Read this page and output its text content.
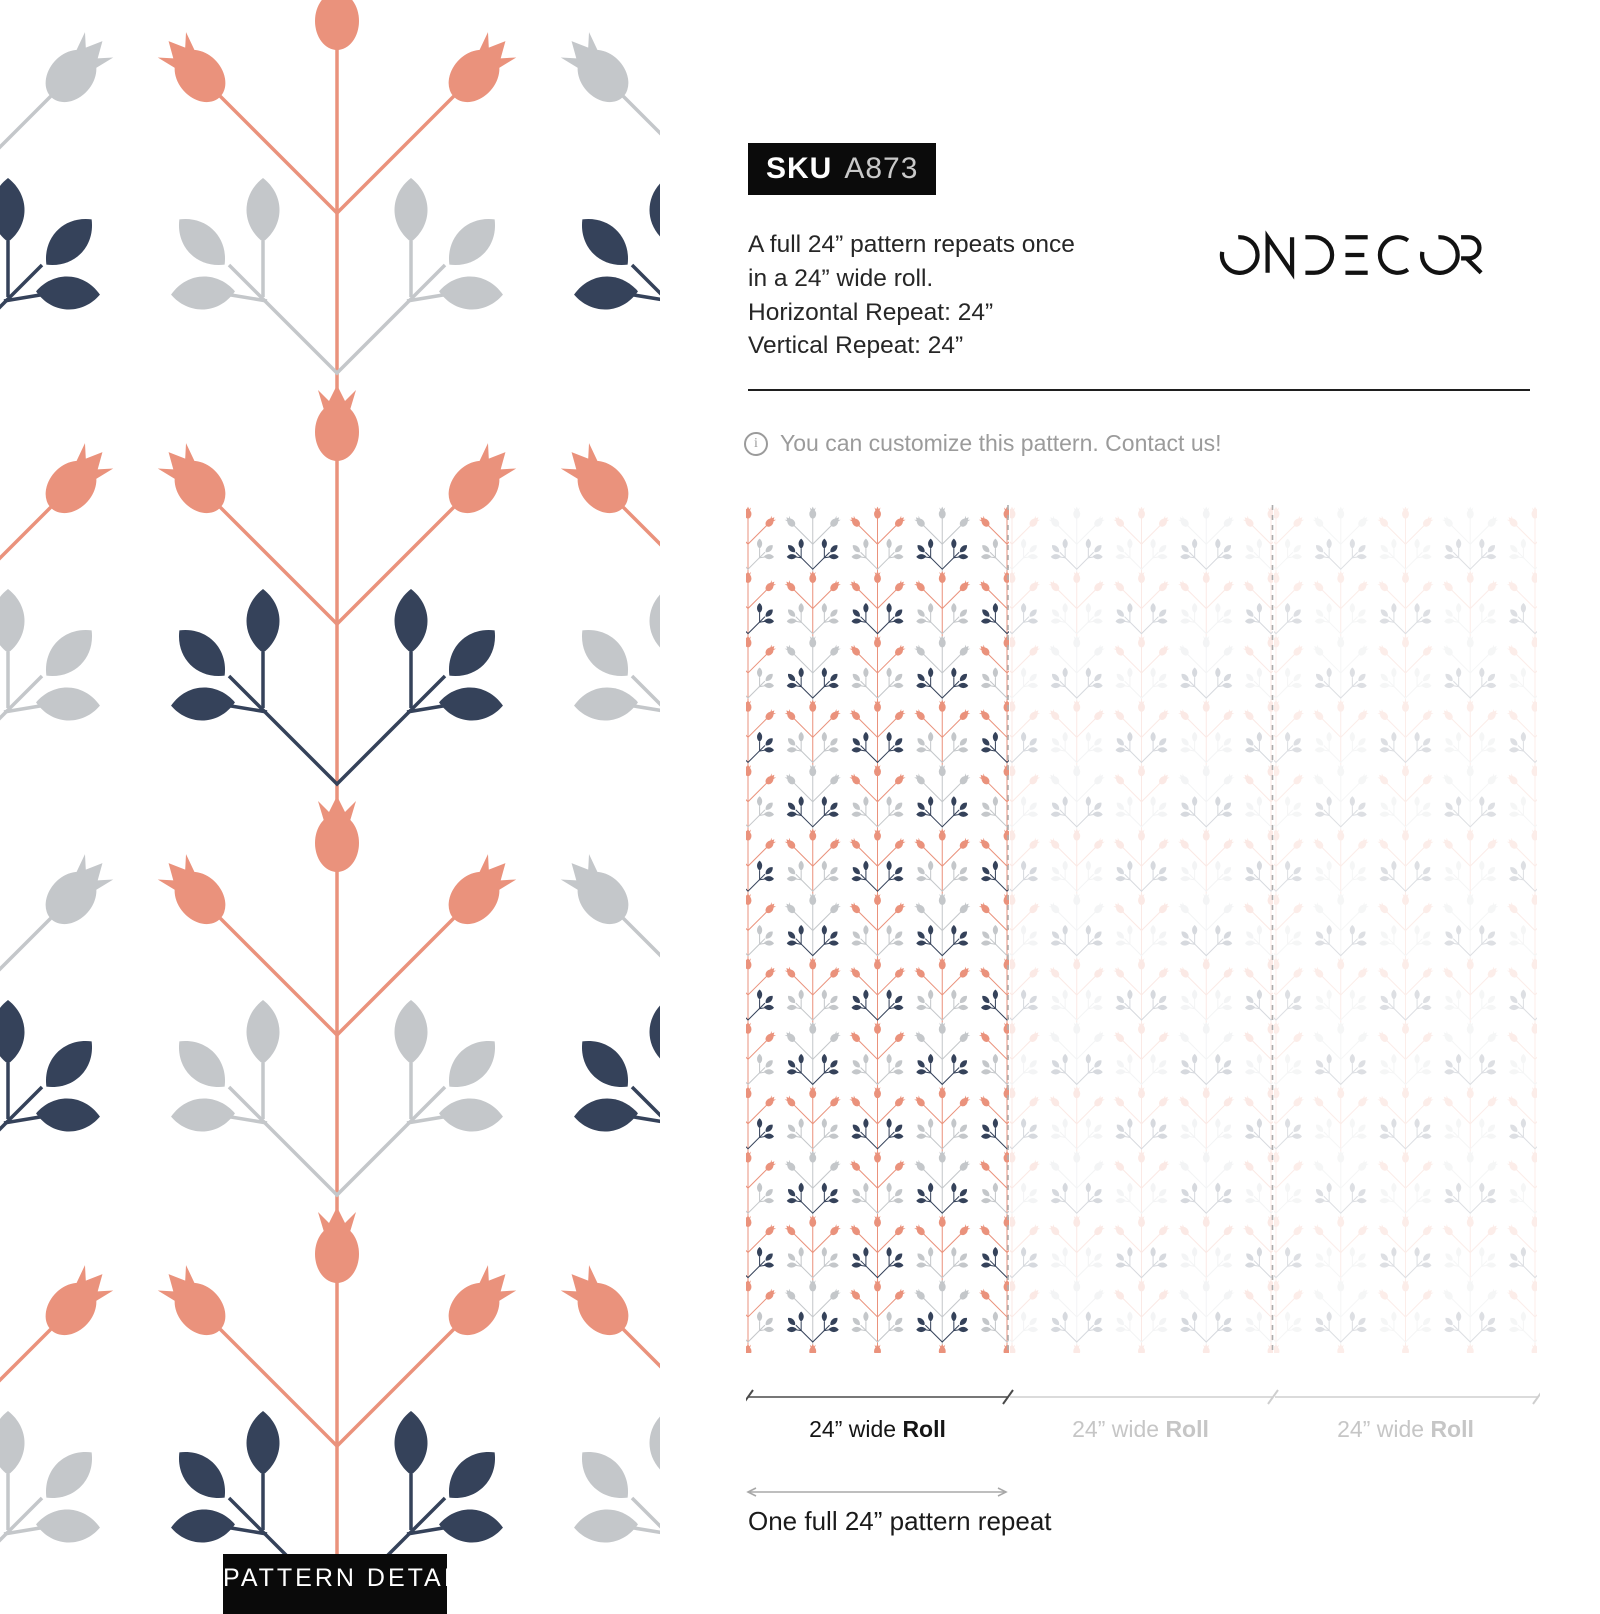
PATTERN DETAIL
SKU A873
A full 24” pattern repeats once
in a 24” wide roll.
Horizontal Repeat: 24”
Vertical Repeat: 24”
i You can customize this pattern. Contact us!
24” wide Roll	24” wide Roll	24” wide Roll
One full 24” pattern repeat
